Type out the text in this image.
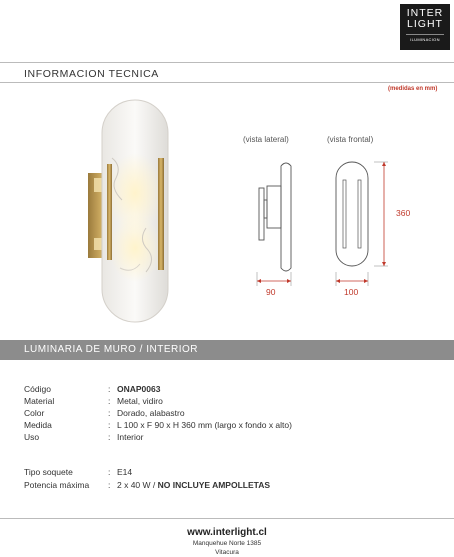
INTER
LIGHT
ILUMINACION
INFORMACION TECNICA
(medidas en mm)
(vista lateral)
90
(vista frontal)
360
100
LUMINARIA DE MURO / INTERIOR
Código	: ONAP0063
Material	: Metal, vidiro
Color	: Dorado, alabastro
Medida	: L 100 x F 90 x H 360 mm (largo x fondo x alto)
Uso	: Interior
Tipo soquete	: E14
Potencia máxima : 2 x 40 W / NO INCLUYE AMPOLLETAS
www.interlight.cl
Manquehue Norte 1385
Vitacura
